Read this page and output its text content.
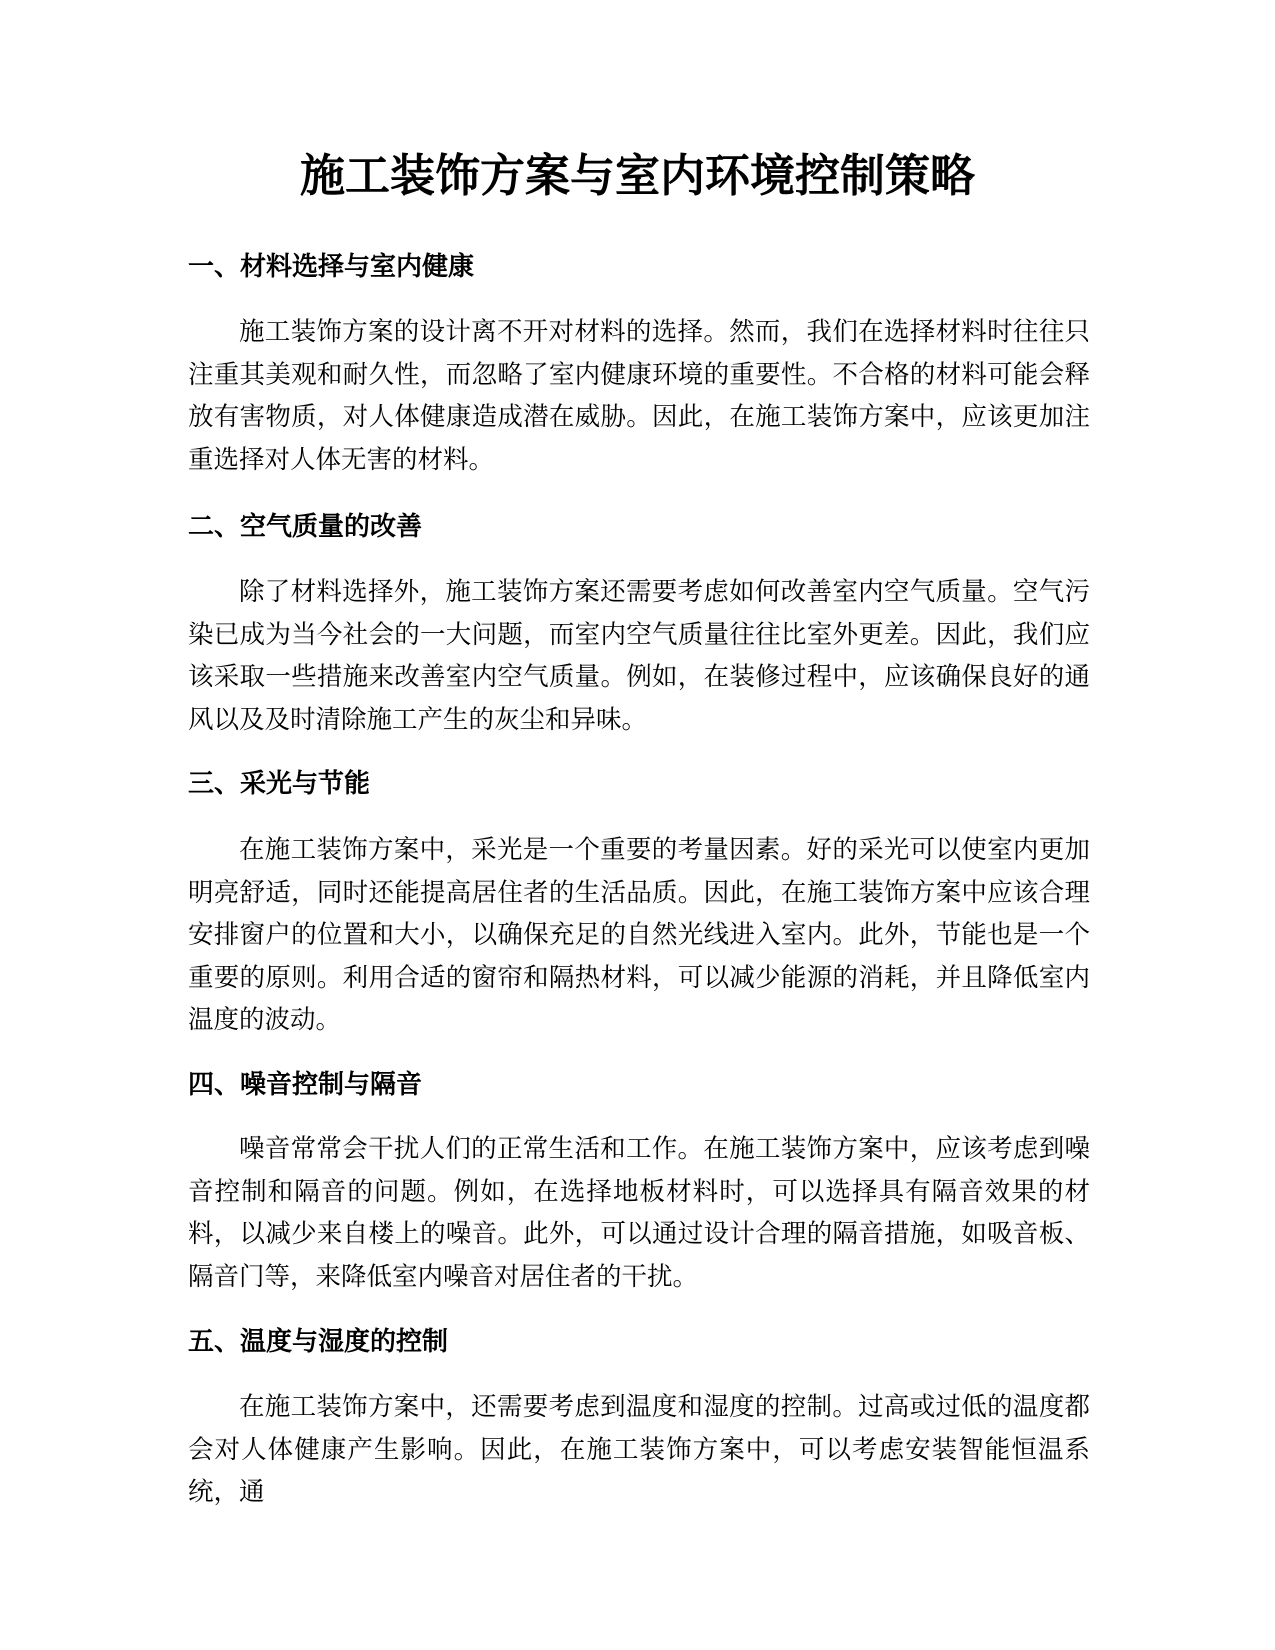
施工装饰方案与室内环境控制策略
一、材料选择与室内健康

施工装饰方案的设计离不开对材料的选择。然而，我们在选择材料时往往只注重其美观和耐久性，而忽略了室内健康环境的重要性。不合格的材料可能会释放有害物质，对人体健康造成潜在威胁。因此，在施工装饰方案中，应该更加注重选择对人体无害的材料。

二、空气质量的改善

除了材料选择外，施工装饰方案还需要考虑如何改善室内空气质量。空气污染已成为当今社会的一大问题，而室内空气质量往往比室外更差。因此，我们应该采取一些措施来改善室内空气质量。例如，在装修过程中，应该确保良好的通风以及及时清除施工产生的灰尘和异味。

三、采光与节能

在施工装饰方案中，采光是一个重要的考量因素。好的采光可以使室内更加明亮舒适，同时还能提高居住者的生活品质。因此，在施工装饰方案中应该合理安排窗户的位置和大小，以确保充足的自然光线进入室内。此外，节能也是一个重要的原则。利用合适的窗帘和隔热材料，可以减少能源的消耗，并且降低室内温度的波动。

四、噪音控制与隔音

噪音常常会干扰人们的正常生活和工作。在施工装饰方案中，应该考虑到噪音控制和隔音的问题。例如，在选择地板材料时，可以选择具有隔音效果的材料，以减少来自楼上的噪音。此外，可以通过设计合理的隔音措施，如吸音板、隔音门等，来降低室内噪音对居住者的干扰。

五、温度与湿度的控制

在施工装饰方案中，还需要考虑到温度和湿度的控制。过高或过低的温度都会对人体健康产生影响。因此，在施工装饰方案中，可以考虑安装智能恒温系统，通
